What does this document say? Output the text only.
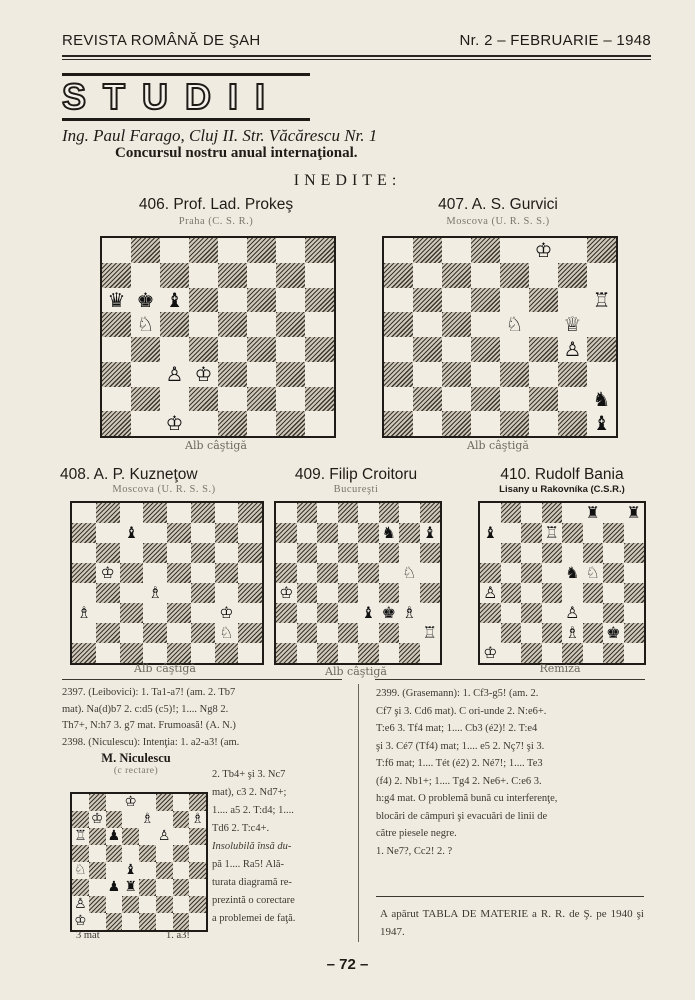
REVISTA ROMÂNĂ DE ŞAH	Nr. 2 – FEBRUARIE – 1948
STUDII
Ing. Paul Farago, Cluj II. Str. Văcărescu Nr. 1
Concursul nostru anual internaţional.
INEDITE:
406. Prof. Lad. Prokeş
Praha (C. S. R.)
♛ ♚ ♝
♘
♙ ♔
♔
Alb câştigă
407. A. S. Gurvici
Moscova (U. R. S. S.)
♔
♖
♘ ♕
♙
♞
♝
Alb câştigă
408. A. P. Kuzneţow
Moscova (U. R. S. S.)
♝
♔
♗
♗	♔
♘
Alb câştigă
409. Filip Croitoru
Bucureşti
♞ ♝
♘
♔
♝ ♚ ♗
♖
Alb câştigă
410. Rudolf Bania
Lisany u Rakovníka (C.S.R.)
♜ ♜
♝	♖
♞ ♘
♙
♙
♗ ♚
♔
Remiză
2397. (Leibovici): 1. Ta1-a7! (am. 2. Tb7
mat). Na(d)b7 2. c:d5 (c5)!; 1.... Ng8 2.
Th7+, N:h7 3. g7 mat. Frumoasă! (A. N.)
2398. (Niculescu): Intenţia: 1. a2-a3! (am.
M. Niculescu
(c rectare)
♔
♔	♗	♗
♖ ♟	♙
♘	♝
♟ ♜
♙
♔
3 mat	1. a3!
2. Tb4+ şi 3. Nc7
mat), c3 2. Nd7+;
1.... a5 2. T:d4; 1....
Td6 2. T:c4+.
Insolubilă însă du-
pă 1.... Ra5! Ală-
turata diagramă re-
prezintă o corectare
a problemei de faţă.
2399. (Grasemann): 1. Cf3-g5! (am. 2.
Cf7 şi 3. Cd6 mat). C ori-unde 2. N:e6+.
T:e6 3. Tf4 mat; 1.... Cb3 (é2)! 2. T:e4
şi 3. Cé7 (Tf4) mat; 1.... e5 2. Nç7! şi 3.
T:f6 mat; 1.... Tét (é2) 2. Né7!; 1.... Te3
(f4) 2. Nb1+; 1.... Tg4 2. Ne6+. C:e6 3.
h:g4 mat. O problemă bună cu interferenţe,
blocări de câmpuri şi evacuări de linii de
către piesele negre.
1. Ne7?, Cc2! 2. ?
A apărut TABLA DE MATERIE a R. R. de Ş. pe 1940 şi 1947.
– 72 –
